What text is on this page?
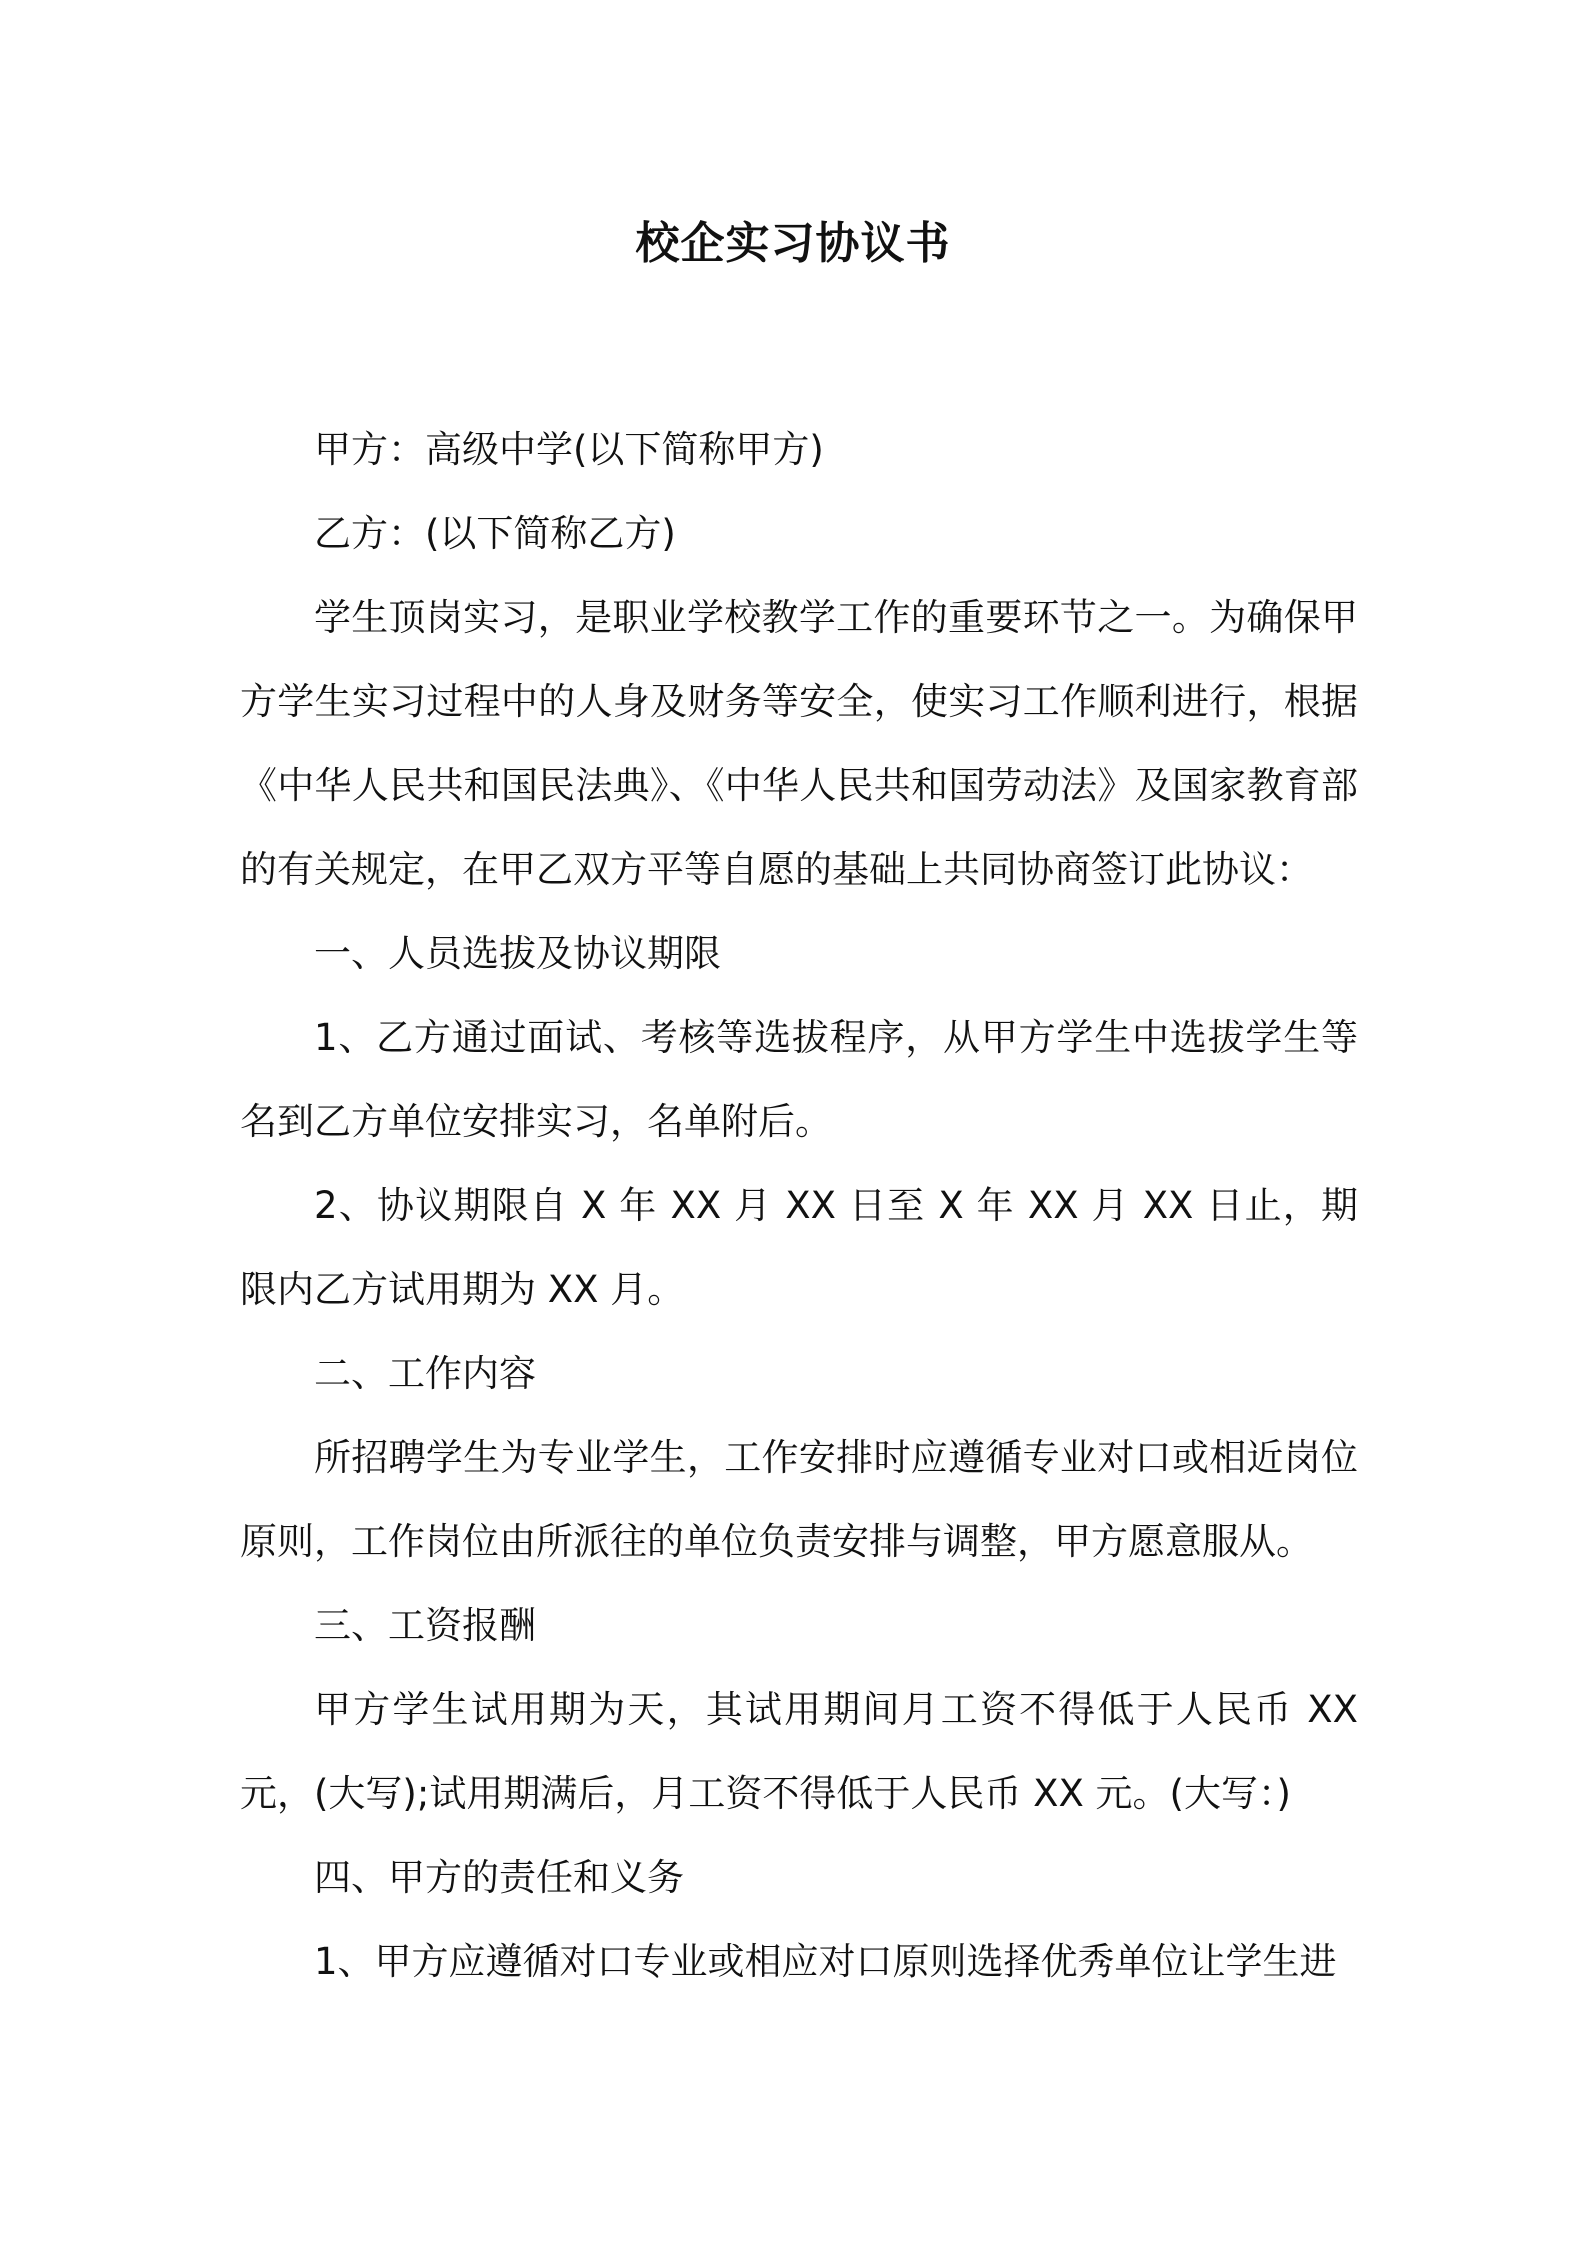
校企实习协议书

甲方：高级中学(以下简称甲方)

乙方：(以下简称乙方)

学生顶岗实习，是职业学校教学工作的重要环节之一。为确保甲方学生实习过程中的人身及财务等安全，使实习工作顺利进行，根据《中华人民共和国民法典》、《中华人民共和国劳动法》及国家教育部的有关规定，在甲乙双方平等自愿的基础上共同协商签订此协议：

一、人员选拔及协议期限

1、乙方通过面试、考核等选拔程序，从甲方学生中选拔学生等名到乙方单位安排实习，名单附后。

2、协议期限自 X 年 XX 月 XX 日至 X 年 XX 月 XX 日止，期限内乙方试用期为 XX 月。

二、工作内容

所招聘学生为专业学生，工作安排时应遵循专业对口或相近岗位原则，工作岗位由所派往的单位负责安排与调整，甲方愿意服从。

三、工资报酬

甲方学生试用期为天，其试用期间月工资不得低于人民币 XX 元，(大写);试用期满后，月工资不得低于人民币 XX 元。(大写：)

四、甲方的责任和义务

1、甲方应遵循对口专业或相应对口原则选择优秀单位让学生进
